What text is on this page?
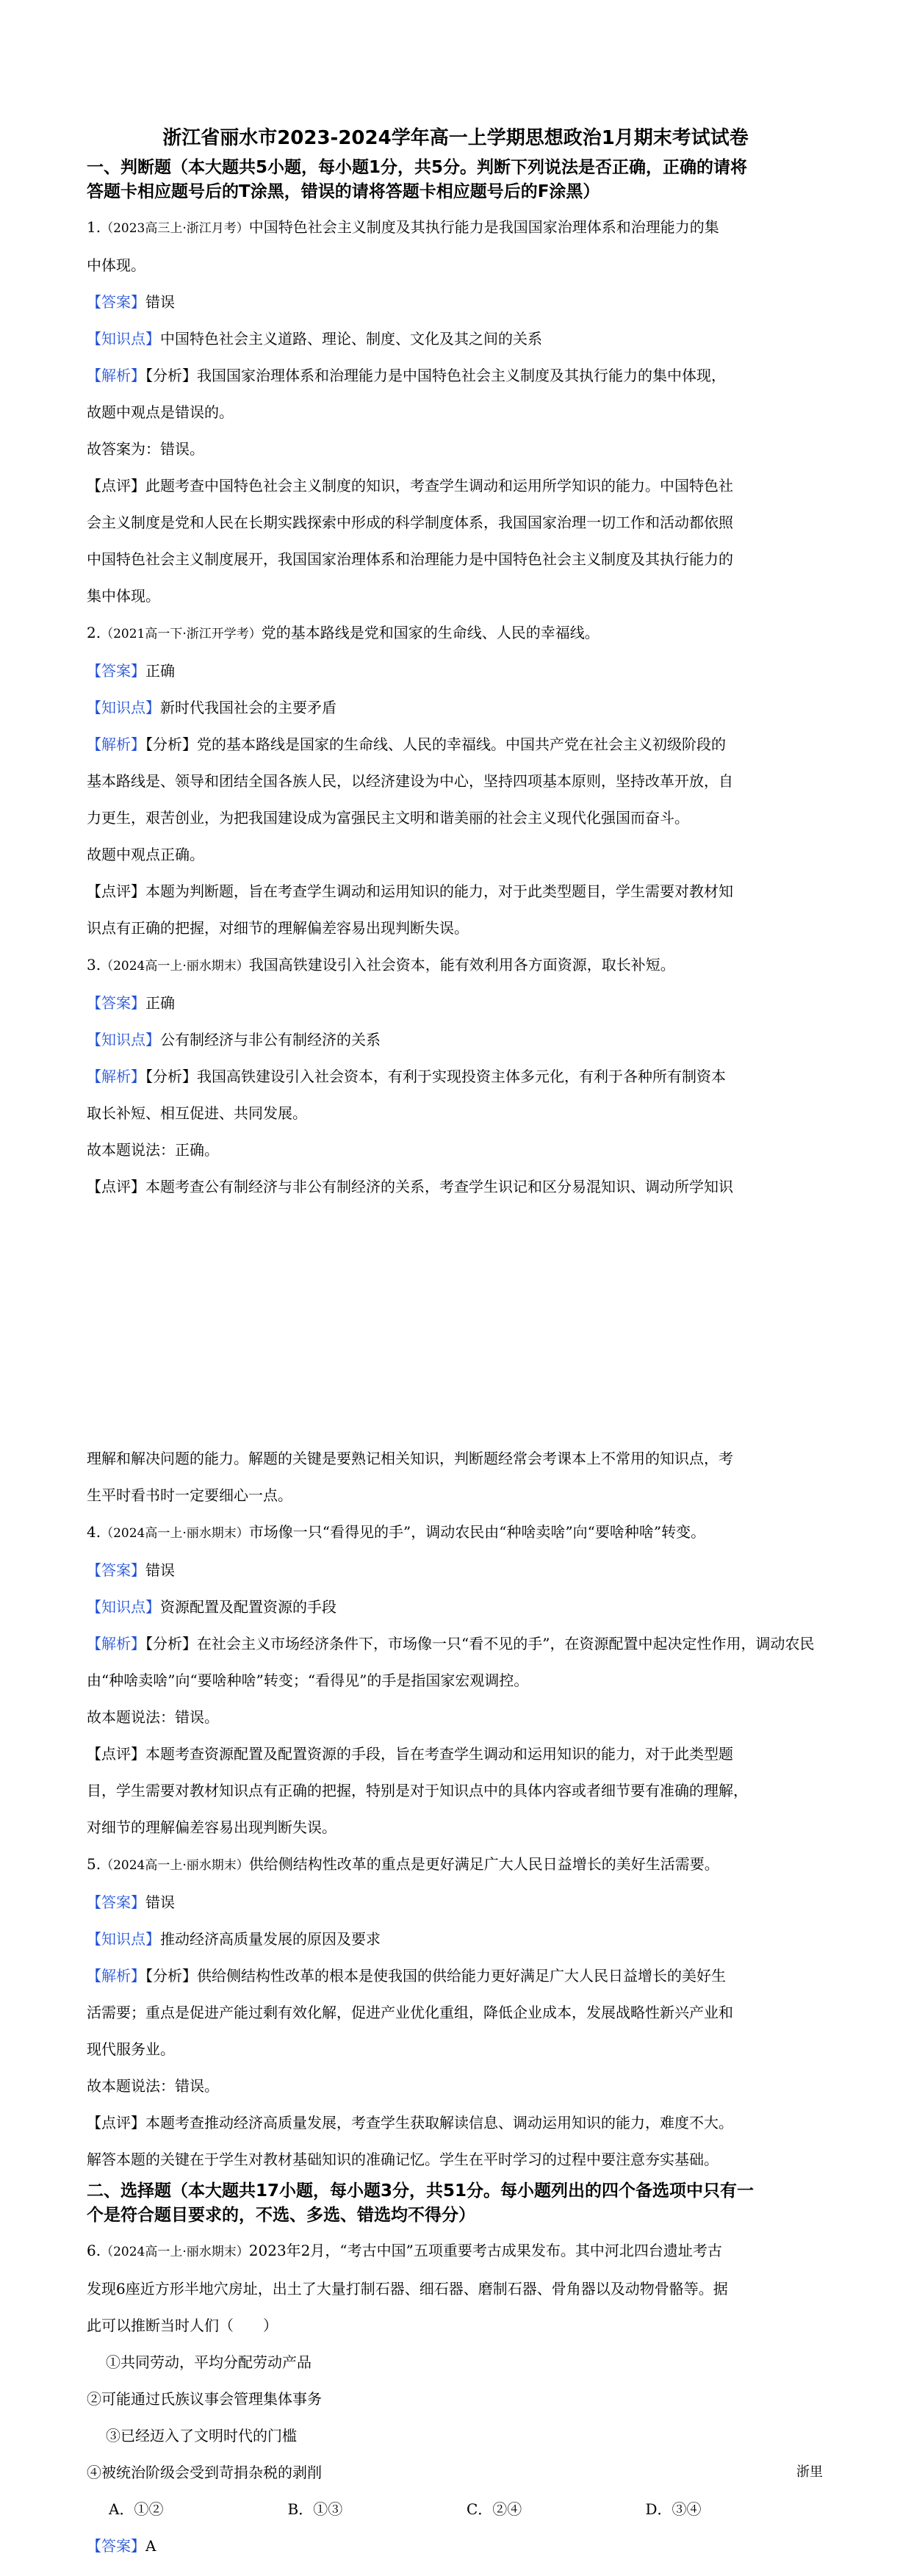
浙江省丽水市2023-2024学年高一上学期思想政治1月期末考试试卷
一、判断题（本大题共5小题，每小题1分，共5分。判断下列说法是否正确，正确的请将
答题卡相应题号后的T涂黑，错误的请将答题卡相应题号后的F涂黑）

1.（2023高三上·浙江月考）中国特色社会主义制度及其执行能力是我国国家治理体系和治理能力的集

中体现。

【答案】错误

【知识点】中国特色社会主义道路、理论、制度、文化及其之间的关系

【解析】【分析】我国国家治理体系和治理能力是中国特色社会主义制度及其执行能力的集中体现，

故题中观点是错误的。

故答案为：错误。

【点评】此题考查中国特色社会主义制度的知识，考查学生调动和运用所学知识的能力。中国特色社

会主义制度是党和人民在长期实践探索中形成的科学制度体系，我国国家治理一切工作和活动都依照

中国特色社会主义制度展开，我国国家治理体系和治理能力是中国特色社会主义制度及其执行能力的

集中体现。

2.（2021高一下·浙江开学考）党的基本路线是党和国家的生命线、人民的幸福线。

【答案】正确

【知识点】新时代我国社会的主要矛盾

【解析】【分析】党的基本路线是国家的生命线、人民的幸福线。中国共产党在社会主义初级阶段的

基本路线是、领导和团结全国各族人民，以经济建设为中心，坚持四项基本原则，坚持改革开放，自

力更生，艰苦创业，为把我国建设成为富强民主文明和谐美丽的社会主义现代化强国而奋斗。

故题中观点正确。

【点评】本题为判断题，旨在考查学生调动和运用知识的能力，对于此类型题目，学生需要对教材知

识点有正确的把握，对细节的理解偏差容易出现判断失误。

3.（2024高一上·丽水期末）我国高铁建设引入社会资本，能有效利用各方面资源，取长补短。

【答案】正确

【知识点】公有制经济与非公有制经济的关系

【解析】【分析】我国高铁建设引入社会资本，有利于实现投资主体多元化，有利于各种所有制资本

取长补短、相互促进、共同发展。

故本题说法：正确。

【点评】本题考查公有制经济与非公有制经济的关系，考查学生识记和区分易混知识、调动所学知识

理解和解决问题的能力。解题的关键是要熟记相关知识，判断题经常会考课本上不常用的知识点，考

生平时看书时一定要细心一点。

4.（2024高一上·丽水期末）市场像一只“看得见的手”，调动农民由“种啥卖啥”向“要啥种啥”转变。

【答案】错误

【知识点】资源配置及配置资源的手段

【解析】【分析】在社会主义市场经济条件下，市场像一只“看不见的手”，在资源配置中起决定性作用，调动农民

由“种啥卖啥”向“要啥种啥”转变；“看得见”的手是指国家宏观调控。

故本题说法：错误。

【点评】本题考查资源配置及配置资源的手段，旨在考查学生调动和运用知识的能力，对于此类型题

目，学生需要对教材知识点有正确的把握，特别是对于知识点中的具体内容或者细节要有准确的理解，

对细节的理解偏差容易出现判断失误。

5.（2024高一上·丽水期末）供给侧结构性改革的重点是更好满足广大人民日益增长的美好生活需要。

【答案】错误

【知识点】推动经济高质量发展的原因及要求

【解析】【分析】供给侧结构性改革的根本是使我国的供给能力更好满足广大人民日益增长的美好生

活需要；重点是促进产能过剩有效化解，促进产业优化重组，降低企业成本，发展战略性新兴产业和

现代服务业。

故本题说法：错误。

【点评】本题考查推动经济高质量发展，考查学生获取解读信息、调动运用知识的能力，难度不大。

解答本题的关键在于学生对教材基础知识的准确记忆。学生在平时学习的过程中要注意夯实基础。

二、选择题（本大题共17小题，每小题3分，共51分。每小题列出的四个备选项中只有一
个是符合题目要求的，不选、多选、错选均不得分）

6.（2024高一上·丽水期末）2023年2月，“考古中国”五项重要考古成果发布。其中河北四台遗址考古

发现6座近方形半地穴房址，出土了大量打制石器、细石器、磨制石器、骨角器以及动物骨骼等。据

此可以推断当时人们（　　）

①共同劳动，平均分配劳动产品

②可能通过氏族议事会管理集体事务

③已经迈入了文明时代的门槛

④被统治阶级会受到苛捐杂税的剥削

A．①②	B．①③	C．②④	D．③④

【答案】A

浙里
